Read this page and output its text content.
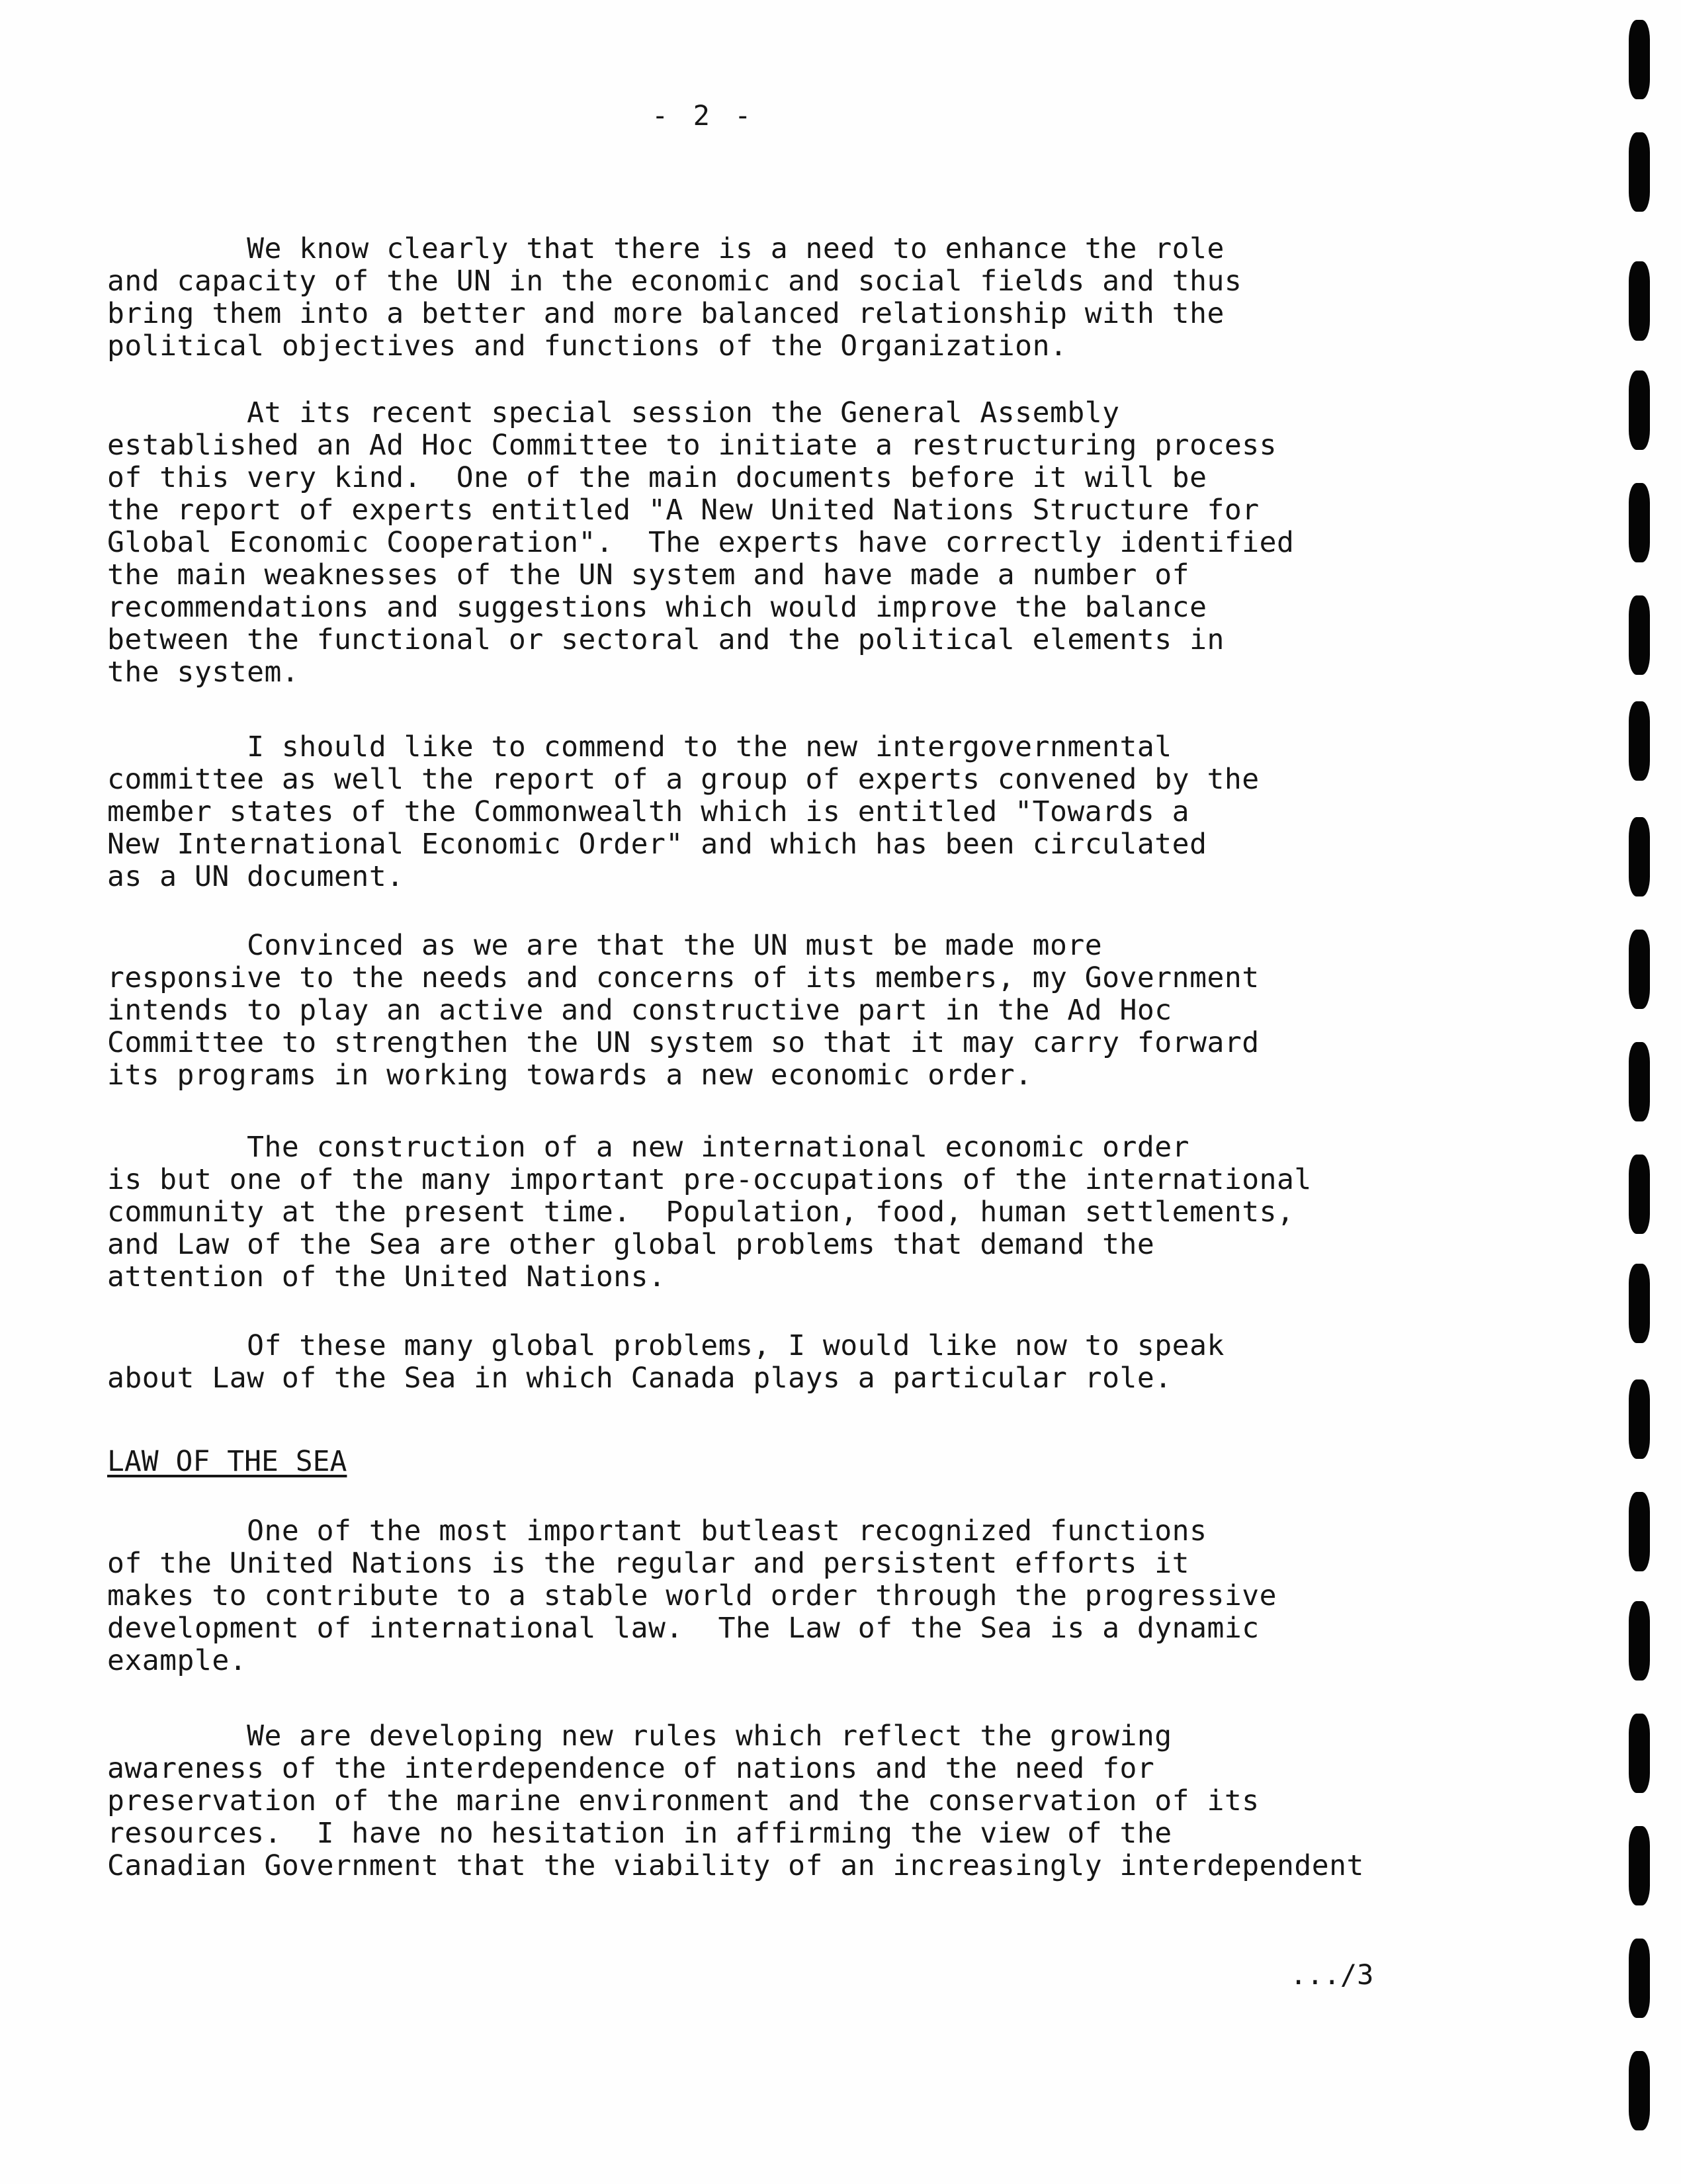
- 2 -

We know clearly that there is a need to enhance the role
and capacity of the UN in the economic and social fields and thus
bring them into a better and more balanced relationship with the
political objectives and functions of the Organization.

At its recent special session the General Assembly
established an Ad Hoc Committee to initiate a restructuring process
of this very kind.  One of the main documents before it will be
the report of experts entitled "A New United Nations Structure for
Global Economic Cooperation".  The experts have correctly identified
the main weaknesses of the UN system and have made a number of
recommendations and suggestions which would improve the balance
between the functional or sectoral and the political elements in
the system.

I should like to commend to the new intergovernmental
committee as well the report of a group of experts convened by the
member states of the Commonwealth which is entitled "Towards a
New International Economic Order" and which has been circulated
as a UN document.

Convinced as we are that the UN must be made more
responsive to the needs and concerns of its members, my Government
intends to play an active and constructive part in the Ad Hoc
Committee to strengthen the UN system so that it may carry forward
its programs in working towards a new economic order.

The construction of a new international economic order
is but one of the many important pre-occupations of the international
community at the present time.  Population, food, human settlements,
and Law of the Sea are other global problems that demand the
attention of the United Nations.

Of these many global problems, I would like now to speak
about Law of the Sea in which Canada plays a particular role.

LAW OF THE SEA

One of the most important butleast recognized functions
of the United Nations is the regular and persistent efforts it
makes to contribute to a stable world order through the progressive
development of international law.  The Law of the Sea is a dynamic
example.

We are developing new rules which reflect the growing
awareness of the interdependence of nations and the need for
preservation of the marine environment and the conservation of its
resources.  I have no hesitation in affirming the view of the
Canadian Government that the viability of an increasingly interdependent

.../3
